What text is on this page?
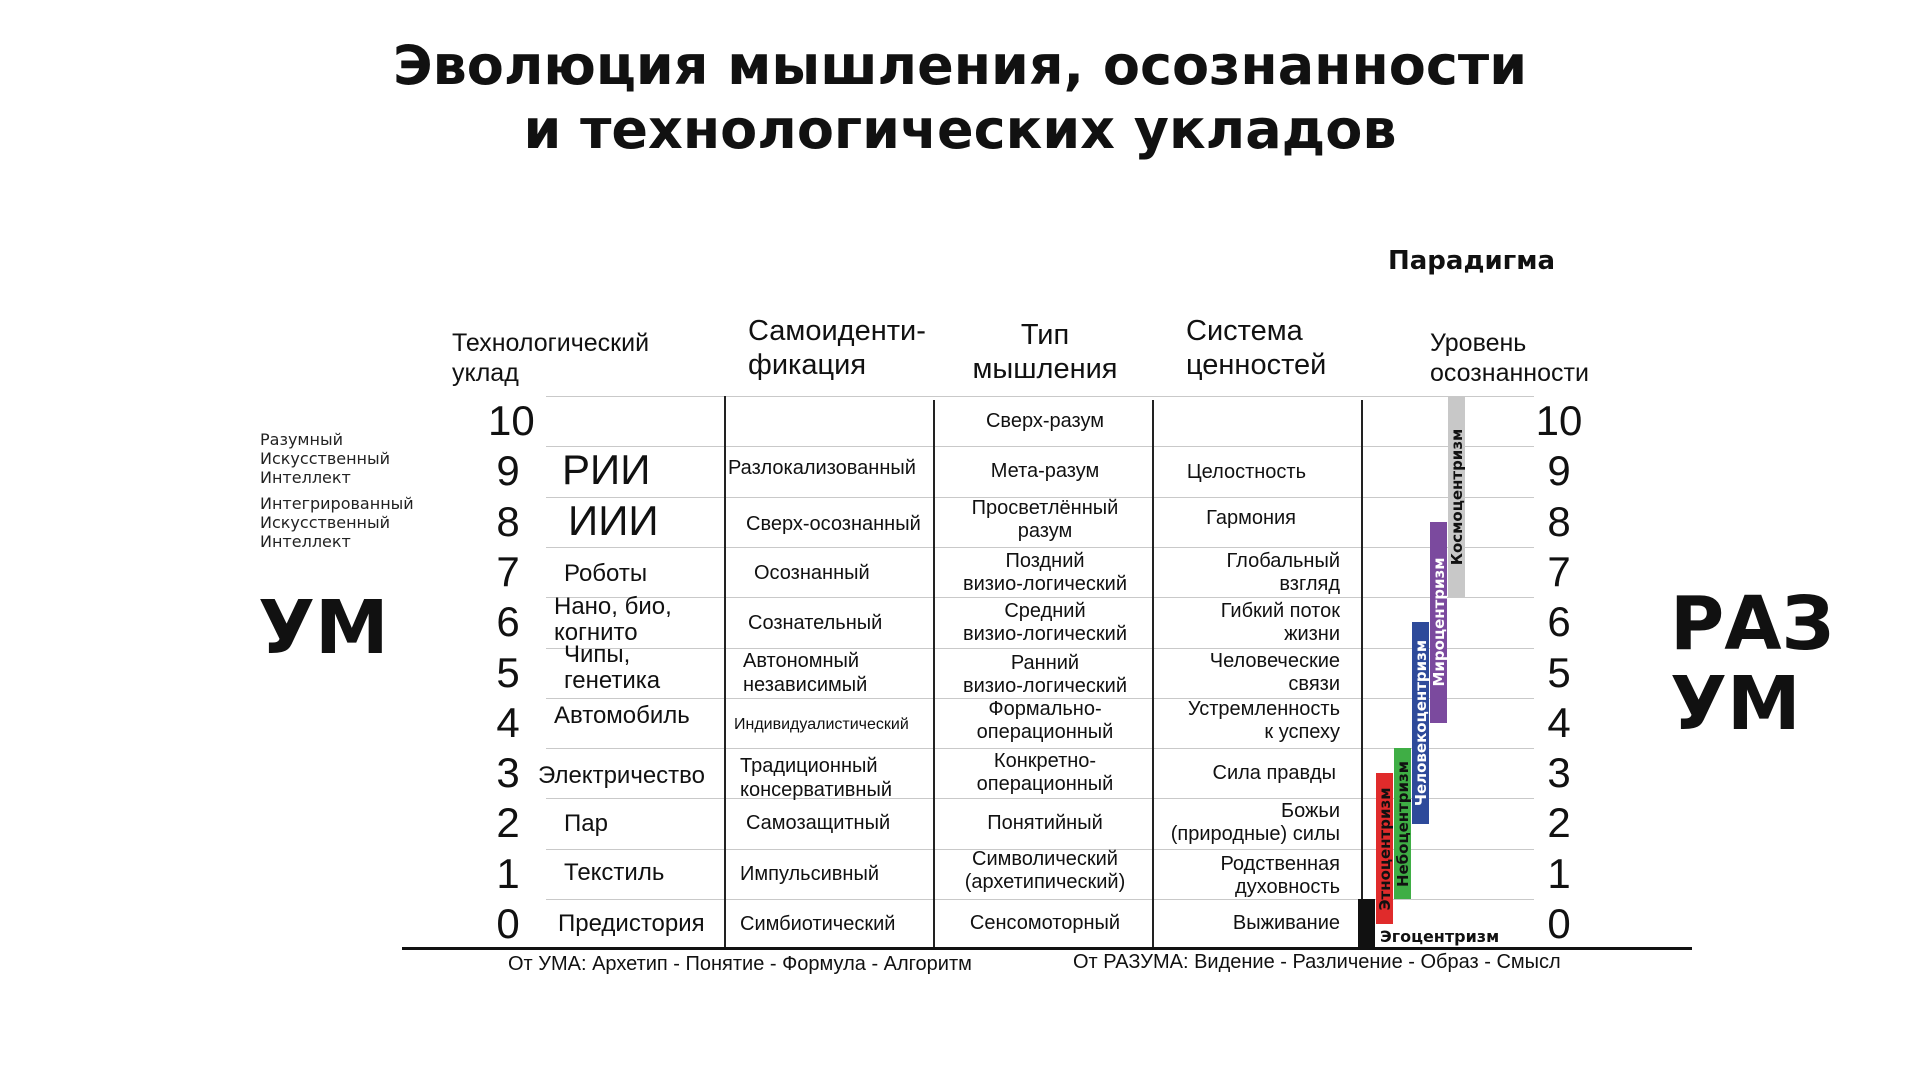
Эволюция мышления, осознанности
и технологических укладов
Парадигма
Технологический
уклад
Самоиденти-
фикация
Тип
мышления
Система
ценностей
Уровень
осознанности
10
9
8
7
6
5
4
3
2
1
0
10
9
8
7
6
5
4
3
2
1
0
РИИ
ИИИ
Роботы
Нано, био,
когнито
Чипы,
генетика
Автомобиль
Электричество
Пар
Текстиль
Предистория
Разлокализованный
Сверх-осознанный
Осознанный
Сознательный
Автономный
независимый
Индивидуалистический
Традиционный
консервативный
Самозащитный
Импульсивный
Симбиотический
Сверх-разум
Мета-разум
Просветлённый
разум
Поздний
визио-логический
Средний
визио-логический
Ранний
визио-логический
Формально-
операционный
Конкретно-
операционный
Понятийный
Символический
(архетипический)
Сенсомоторный
Целостность
Гармония
Глобальный
взгляд
Гибкий поток
жизни
Человеческие
связи
Устремленность
к успеху
Сила правды
Божьи
(природные) силы
Родственная
духовность
Выживание
Разумный
Искусственный
Интеллект
Интегрированный
Искусственный
Интеллект
УМ	РАЗ
УМ
Этноцентризм Небоцентризм
Человекоцентризм
Мироцентризм
Космоцентризм
Эгоцентризм
От УМА: Архетип - Понятие - Формула - Алгоритм	От РАЗУМА: Видение - Различение - Образ - Смысл
